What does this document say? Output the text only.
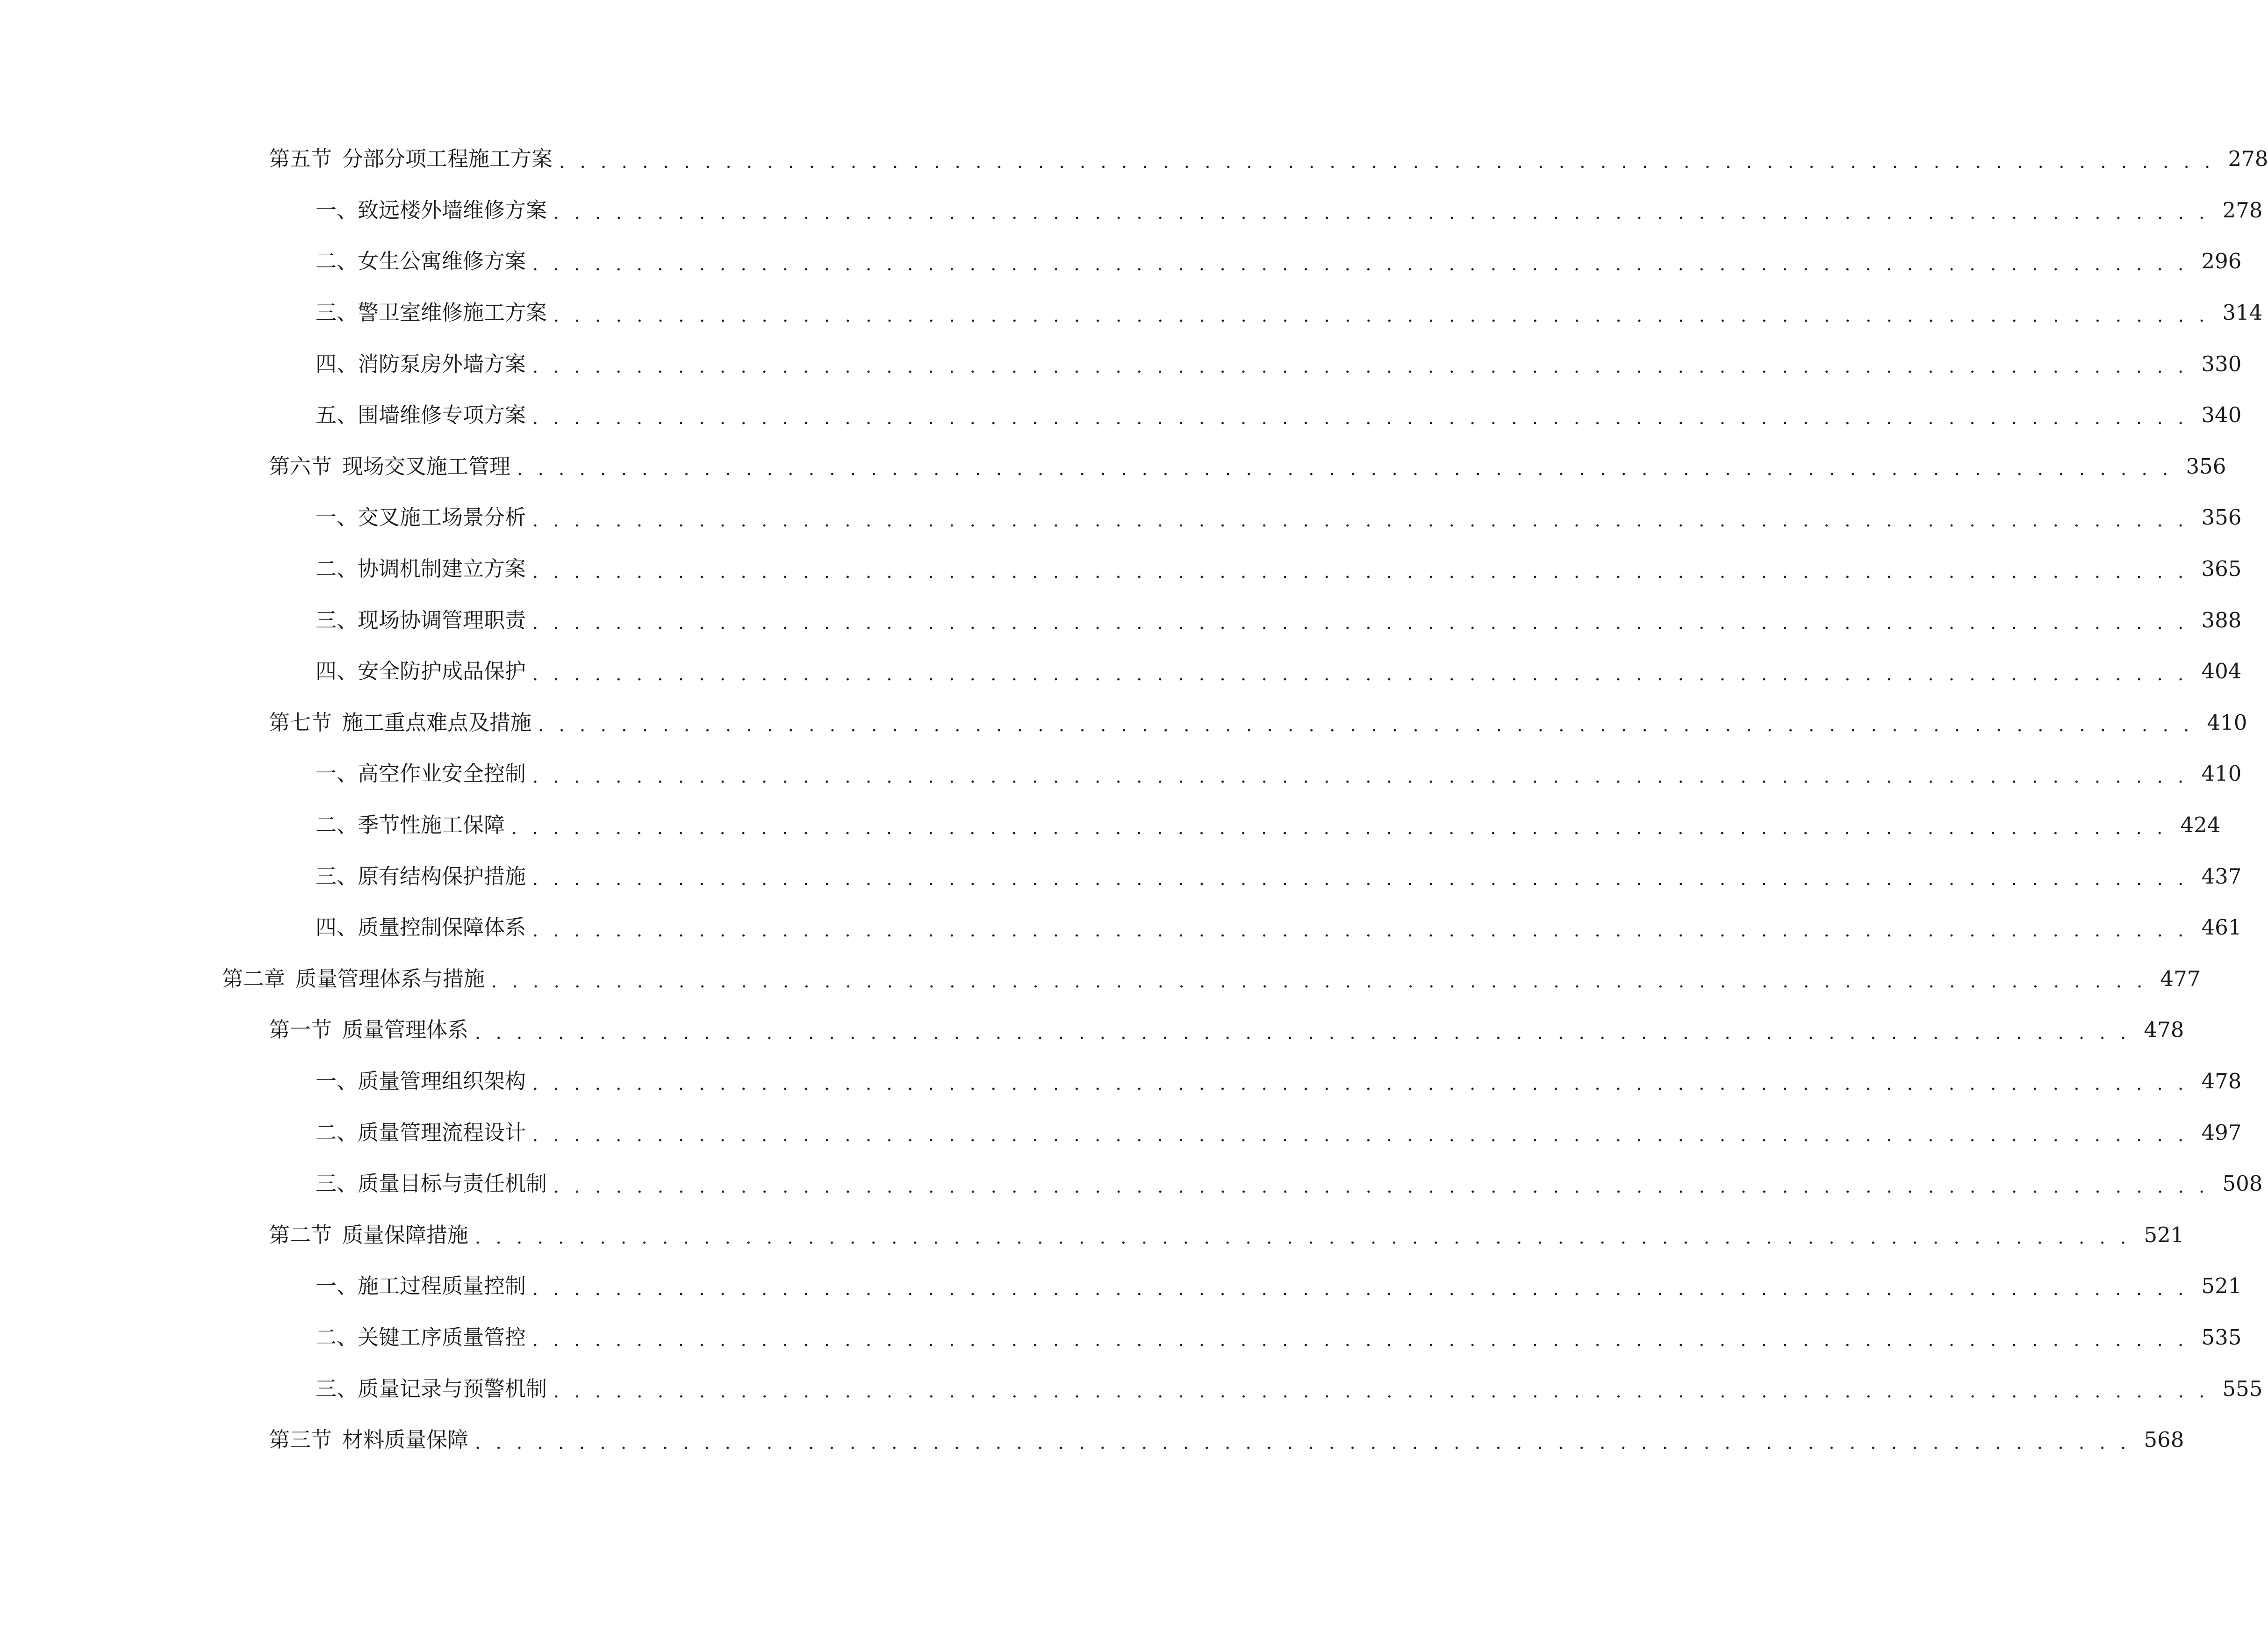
第五节 分部分项工程施工方案 . . . . . . . . . . . . . . . . . . . . . . . . . . . . . . . . . . . . . . . . . . . . . . . . . . . . . . . . . . . . . . . . . . . . . . . . . . . . . . . . 278
一、 致远楼外墙维修方案 . . . . . . . . . . . . . . . . . . . . . . . . . . . . . . . . . . . . . . . . . . . . . . . . . . . . . . . . . . . . . . . . . . . . . . . . . . . . . . . . 278
二、 女生公寓维修方案 . . . . . . . . . . . . . . . . . . . . . . . . . . . . . . . . . . . . . . . . . . . . . . . . . . . . . . . . . . . . . . . . . . . . . . . . . . . . . . . . 296
三、 警卫室维修施工方案 . . . . . . . . . . . . . . . . . . . . . . . . . . . . . . . . . . . . . . . . . . . . . . . . . . . . . . . . . . . . . . . . . . . . . . . . . . . . . . . . 314
四、 消防泵房外墙方案 . . . . . . . . . . . . . . . . . . . . . . . . . . . . . . . . . . . . . . . . . . . . . . . . . . . . . . . . . . . . . . . . . . . . . . . . . . . . . . . . 330
五、 围墙维修专项方案 . . . . . . . . . . . . . . . . . . . . . . . . . . . . . . . . . . . . . . . . . . . . . . . . . . . . . . . . . . . . . . . . . . . . . . . . . . . . . . . . 340
第六节 现场交叉施工管理 . . . . . . . . . . . . . . . . . . . . . . . . . . . . . . . . . . . . . . . . . . . . . . . . . . . . . . . . . . . . . . . . . . . . . . . . . . . . . . . . 356
一、 交叉施工场景分析 . . . . . . . . . . . . . . . . . . . . . . . . . . . . . . . . . . . . . . . . . . . . . . . . . . . . . . . . . . . . . . . . . . . . . . . . . . . . . . . . 356
二、 协调机制建立方案 . . . . . . . . . . . . . . . . . . . . . . . . . . . . . . . . . . . . . . . . . . . . . . . . . . . . . . . . . . . . . . . . . . . . . . . . . . . . . . . . 365
三、 现场协调管理职责 . . . . . . . . . . . . . . . . . . . . . . . . . . . . . . . . . . . . . . . . . . . . . . . . . . . . . . . . . . . . . . . . . . . . . . . . . . . . . . . . 388
四、 安全防护成品保护 . . . . . . . . . . . . . . . . . . . . . . . . . . . . . . . . . . . . . . . . . . . . . . . . . . . . . . . . . . . . . . . . . . . . . . . . . . . . . . . . 404
第七节 施工重点难点及措施 . . . . . . . . . . . . . . . . . . . . . . . . . . . . . . . . . . . . . . . . . . . . . . . . . . . . . . . . . . . . . . . . . . . . . . . . . . . . . . . . 410
一、 高空作业安全控制 . . . . . . . . . . . . . . . . . . . . . . . . . . . . . . . . . . . . . . . . . . . . . . . . . . . . . . . . . . . . . . . . . . . . . . . . . . . . . . . . 410
二、 季节性施工保障 . . . . . . . . . . . . . . . . . . . . . . . . . . . . . . . . . . . . . . . . . . . . . . . . . . . . . . . . . . . . . . . . . . . . . . . . . . . . . . . . 424
三、 原有结构保护措施 . . . . . . . . . . . . . . . . . . . . . . . . . . . . . . . . . . . . . . . . . . . . . . . . . . . . . . . . . . . . . . . . . . . . . . . . . . . . . . . . 437
四、 质量控制保障体系 . . . . . . . . . . . . . . . . . . . . . . . . . . . . . . . . . . . . . . . . . . . . . . . . . . . . . . . . . . . . . . . . . . . . . . . . . . . . . . . . 461
第二章 质量管理体系与措施 . . . . . . . . . . . . . . . . . . . . . . . . . . . . . . . . . . . . . . . . . . . . . . . . . . . . . . . . . . . . . . . . . . . . . . . . . . . . . . . . 477
第一节 质量管理体系 . . . . . . . . . . . . . . . . . . . . . . . . . . . . . . . . . . . . . . . . . . . . . . . . . . . . . . . . . . . . . . . . . . . . . . . . . . . . . . . . 478
一、 质量管理组织架构 . . . . . . . . . . . . . . . . . . . . . . . . . . . . . . . . . . . . . . . . . . . . . . . . . . . . . . . . . . . . . . . . . . . . . . . . . . . . . . . . 478
二、 质量管理流程设计 . . . . . . . . . . . . . . . . . . . . . . . . . . . . . . . . . . . . . . . . . . . . . . . . . . . . . . . . . . . . . . . . . . . . . . . . . . . . . . . . 497
三、 质量目标与责任机制 . . . . . . . . . . . . . . . . . . . . . . . . . . . . . . . . . . . . . . . . . . . . . . . . . . . . . . . . . . . . . . . . . . . . . . . . . . . . . . . . 508
第二节 质量保障措施 . . . . . . . . . . . . . . . . . . . . . . . . . . . . . . . . . . . . . . . . . . . . . . . . . . . . . . . . . . . . . . . . . . . . . . . . . . . . . . . . 521
一、 施工过程质量控制 . . . . . . . . . . . . . . . . . . . . . . . . . . . . . . . . . . . . . . . . . . . . . . . . . . . . . . . . . . . . . . . . . . . . . . . . . . . . . . . . 521
二、 关键工序质量管控 . . . . . . . . . . . . . . . . . . . . . . . . . . . . . . . . . . . . . . . . . . . . . . . . . . . . . . . . . . . . . . . . . . . . . . . . . . . . . . . . 535
三、 质量记录与预警机制 . . . . . . . . . . . . . . . . . . . . . . . . . . . . . . . . . . . . . . . . . . . . . . . . . . . . . . . . . . . . . . . . . . . . . . . . . . . . . . . . 555
第三节 材料质量保障 . . . . . . . . . . . . . . . . . . . . . . . . . . . . . . . . . . . . . . . . . . . . . . . . . . . . . . . . . . . . . . . . . . . . . . . . . . . . . . . . 568
